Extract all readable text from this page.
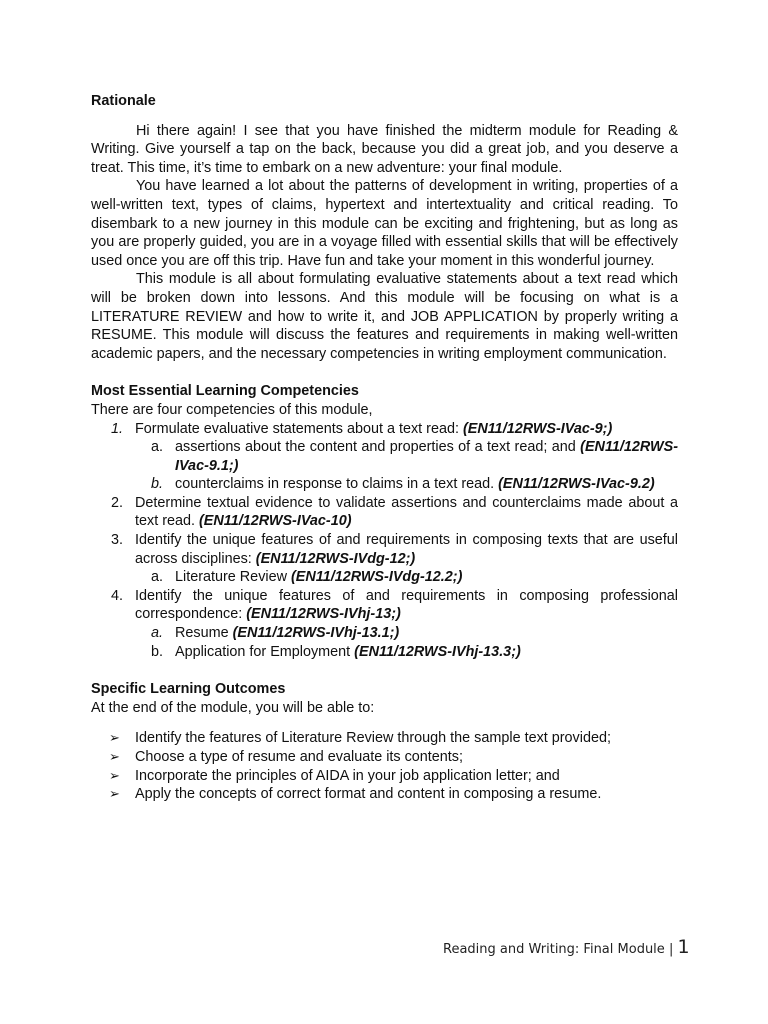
Rationale

Hi there again! I see that you have finished the midterm module for Reading & Writing. Give yourself a tap on the back, because you did a great job, and you deserve a treat. This time, it’s time to embark on a new adventure: your final module.

You have learned a lot about the patterns of development in writing, properties of a well-written text, types of claims, hypertext and intertextuality and critical reading. To disembark to a new journey in this module can be exciting and frightening, but as long as you are properly guided, you are in a voyage filled with essential skills that will be effectively used once you are off this trip. Have fun and take your moment in this wonderful journey.

This module is all about formulating evaluative statements about a text read which will be broken down into lessons. And this module will be focusing on what is a LITERATURE REVIEW and how to write it, and JOB APPLICATION by properly writing a RESUME. This module will discuss the features and requirements in making well-written academic papers, and the necessary competencies in writing employment communication.

Most Essential Learning Competencies

There are four competencies of this module,

1. Formulate evaluative statements about a text read: (EN11/12RWS-IVac-9;)
a. assertions about the content and properties of a text read; and (EN11/12RWS-IVac-9.1;)
b. counterclaims in response to claims in a text read. (EN11/12RWS-IVac-9.2)
2. Determine textual evidence to validate assertions and counterclaims made about a text read. (EN11/12RWS-IVac-10)
3. Identify the unique features of and requirements in composing texts that are useful across disciplines: (EN11/12RWS-IVdg-12;)
a. Literature Review (EN11/12RWS-IVdg-12.2;)
4. Identify the unique features of and requirements in composing professional correspondence: (EN11/12RWS-IVhj-13;)
a. Resume (EN11/12RWS-IVhj-13.1;)
b. Application for Employment (EN11/12RWS-IVhj-13.3;)

Specific Learning Outcomes

At the end of the module, you will be able to:

➢ Identify the features of Literature Review through the sample text provided;
➢ Choose a type of resume and evaluate its contents;
➢ Incorporate the principles of AIDA in your job application letter; and
➢ Apply the concepts of correct format and content in composing a resume.
Reading and Writing: Final Module | 1
